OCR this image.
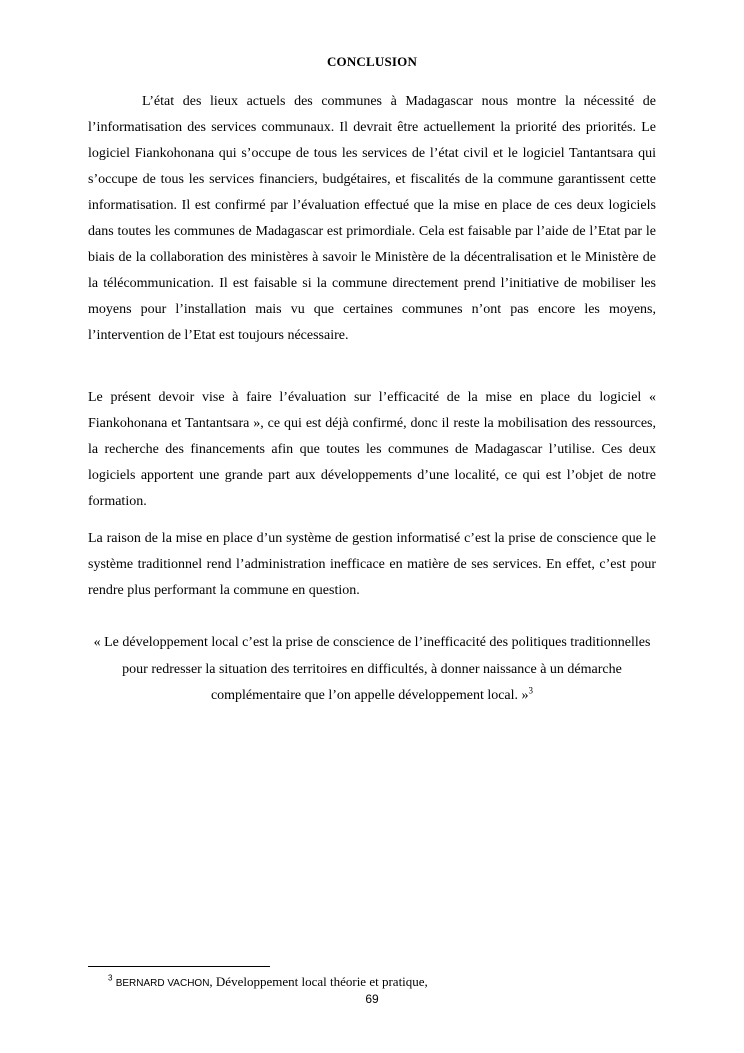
CONCLUSION
L’état des lieux actuels des communes à Madagascar nous montre la nécessité de l’informatisation des services communaux. Il devrait être actuellement la priorité des priorités. Le logiciel Fiankohonana qui s’occupe de tous les services de l’état civil et le logiciel Tantantsara qui s’occupe de tous les services financiers, budgétaires, et fiscalités de la commune garantissent cette informatisation. Il est confirmé par l’évaluation effectué que la mise en place de ces deux logiciels dans toutes les communes de Madagascar est primordiale. Cela est faisable par l’aide de l’Etat par le biais de la collaboration des ministères à savoir le Ministère de la décentralisation et le Ministère de la télécommunication. Il est faisable si la commune directement prend l’initiative de mobiliser les moyens pour l’installation mais vu que certaines communes n’ont pas encore les moyens, l’intervention de l’Etat est toujours nécessaire.
Le présent devoir vise à faire l’évaluation sur l’efficacité de la mise en place du logiciel « Fiankohonana et Tantantsara », ce qui est déjà confirmé, donc il reste la mobilisation des ressources, la recherche des financements afin que toutes les communes de Madagascar l’utilise. Ces deux logiciels apportent une grande part aux développements d’une localité, ce qui est l’objet de notre formation.
La raison de la mise en place d’un système de gestion informatisé c’est la prise de conscience que le système traditionnel rend l’administration inefficace en matière de ses services. En effet, c’est pour rendre plus performant la commune en question.
« Le développement local c’est la prise de conscience de l’inefficacité des politiques traditionnelles pour redresser la situation des territoires en difficultés, à donner naissance à un démarche complémentaire que l’on appelle développement local. »$^3$
$^3$ BERNARD VACHON, Développement local théorie et pratique,
69
